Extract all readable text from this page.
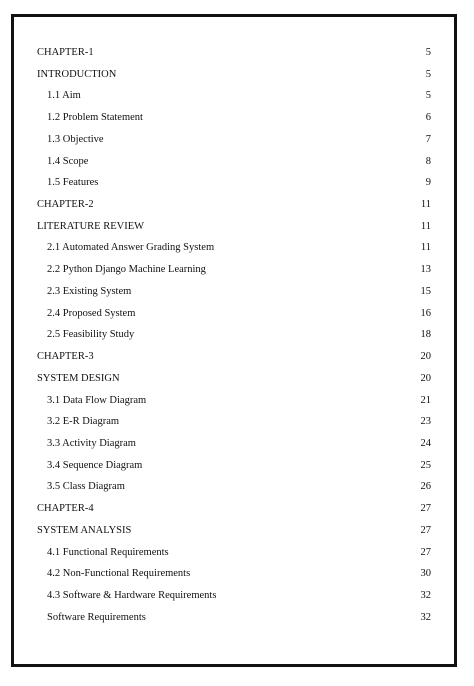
CHAPTER-1	5
INTRODUCTION	5
1.1 Aim	5
1.2 Problem Statement	6
1.3 Objective	7
1.4 Scope	8
1.5 Features	9
CHAPTER-2	11
LITERATURE REVIEW	11
2.1 Automated Answer Grading System	11
2.2 Python Django Machine Learning	13
2.3 Existing System	15
2.4 Proposed System	16
2.5 Feasibility Study	18
CHAPTER-3	20
SYSTEM DESIGN	20
3.1 Data Flow Diagram	21
3.2 E-R Diagram	23
3.3 Activity Diagram	24
3.4 Sequence Diagram	25
3.5 Class Diagram	26
CHAPTER-4	27
SYSTEM ANALYSIS	27
4.1 Functional Requirements	27
4.2 Non-Functional Requirements	30
4.3 Software & Hardware Requirements	32
Software Requirements	32
